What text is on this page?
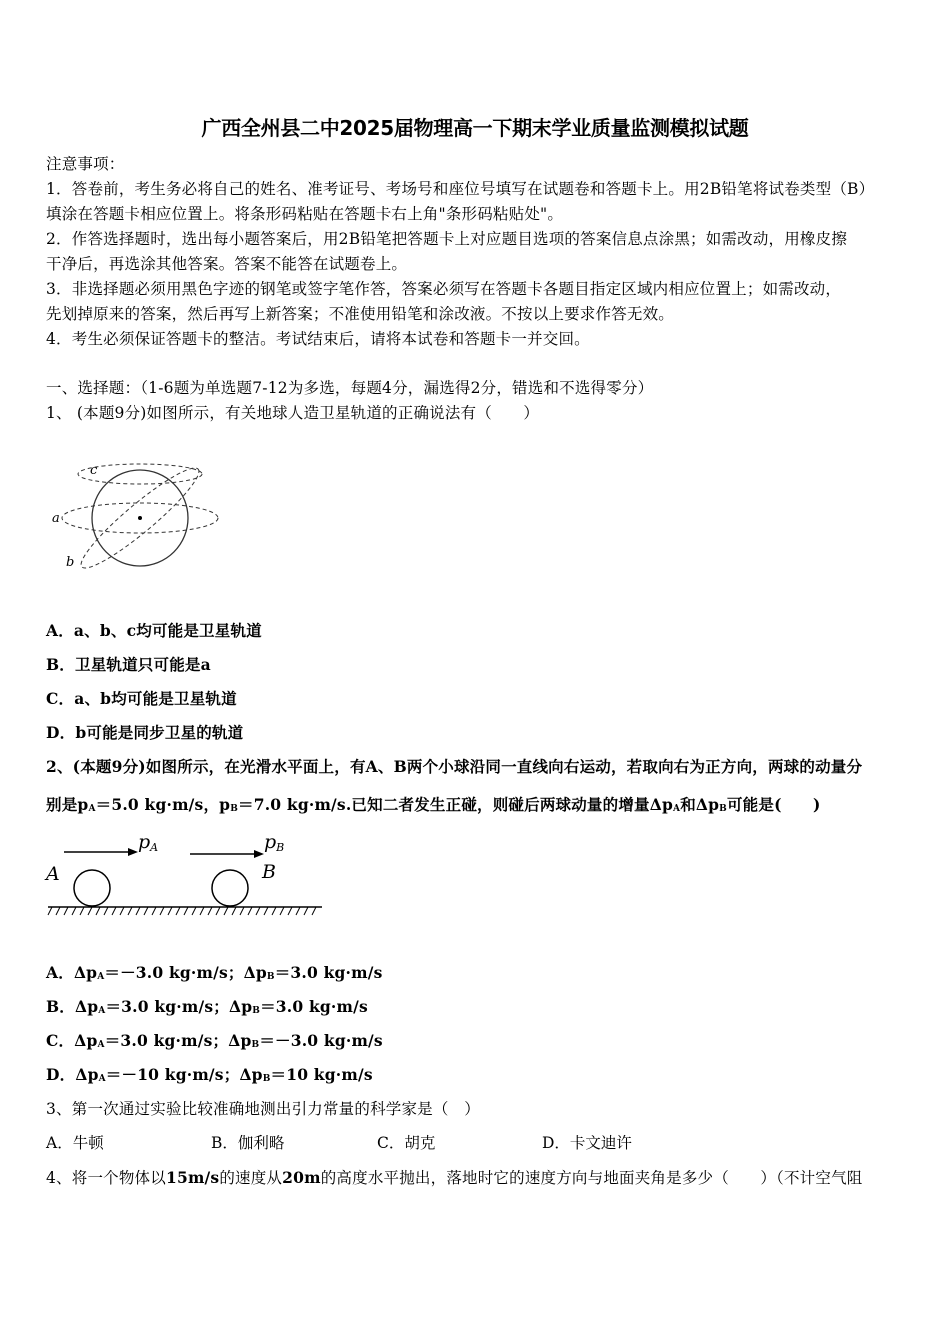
广西全州县二中2025届物理高一下期末学业质量监测模拟试题
注意事项：
1．答卷前，考生务必将自己的姓名、准考证号、考场号和座位号填写在试题卷和答题卡上。用2B铅笔将试卷类型（B）
填涂在答题卡相应位置上。将条形码粘贴在答题卡右上角"条形码粘贴处"。
2．作答选择题时，选出每小题答案后，用2B铅笔把答题卡上对应题目选项的答案信息点涂黑；如需改动，用橡皮擦
干净后，再选涂其他答案。答案不能答在试题卷上。
3．非选择题必须用黑色字迹的钢笔或签字笔作答，答案必须写在答题卡各题目指定区域内相应位置上；如需改动，
先划掉原来的答案，然后再写上新答案；不准使用铅笔和涂改液。不按以上要求作答无效。
4．考生必须保证答题卡的整洁。考试结束后，请将本试卷和答题卡一并交回。
一、选择题：（1-6题为单选题7-12为多选，每题4分，漏选得2分，错选和不选得零分）
1、 (本题9分)如图所示，有关地球人造卫星轨道的正确说法有（　　）
c
a
b
A．a、b、c均可能是卫星轨道
B．卫星轨道只可能是a
C．a、b均可能是卫星轨道
D．b可能是同步卫星的轨道
2、(本题9分)如图所示，在光滑水平面上，有A、B两个小球沿同一直线向右运动，若取向右为正方向，两球的动量分
别是$p_A=5.0$ kg·m/s，$p_B=7.0$ kg·m/s.已知二者发生正碰，则碰后两球动量的增量$\Delta p_A$和$\Delta p_B$可能是(　　)
pA	pB
A	B
A．$\Delta p_A=-3.0$ kg·m/s；$\Delta p_B=3.0$ kg·m/s
B．$\Delta p_A=3.0$ kg·m/s；$\Delta p_B=3.0$ kg·m/s
C．$\Delta p_A=3.0$ kg·m/s；$\Delta p_B=-3.0$ kg·m/s
D．$\Delta p_A=-10$ kg·m/s；$\Delta p_B=10$ kg·m/s
3、第一次通过实验比较准确地测出引力常量的科学家是（　）
A．牛顿	B．伽利略	C．胡克	D．卡文迪许
4、将一个物体以15m/s的速度从20m的高度水平抛出，落地时它的速度方向与地面夹角是多少（　　）（不计空气阻
